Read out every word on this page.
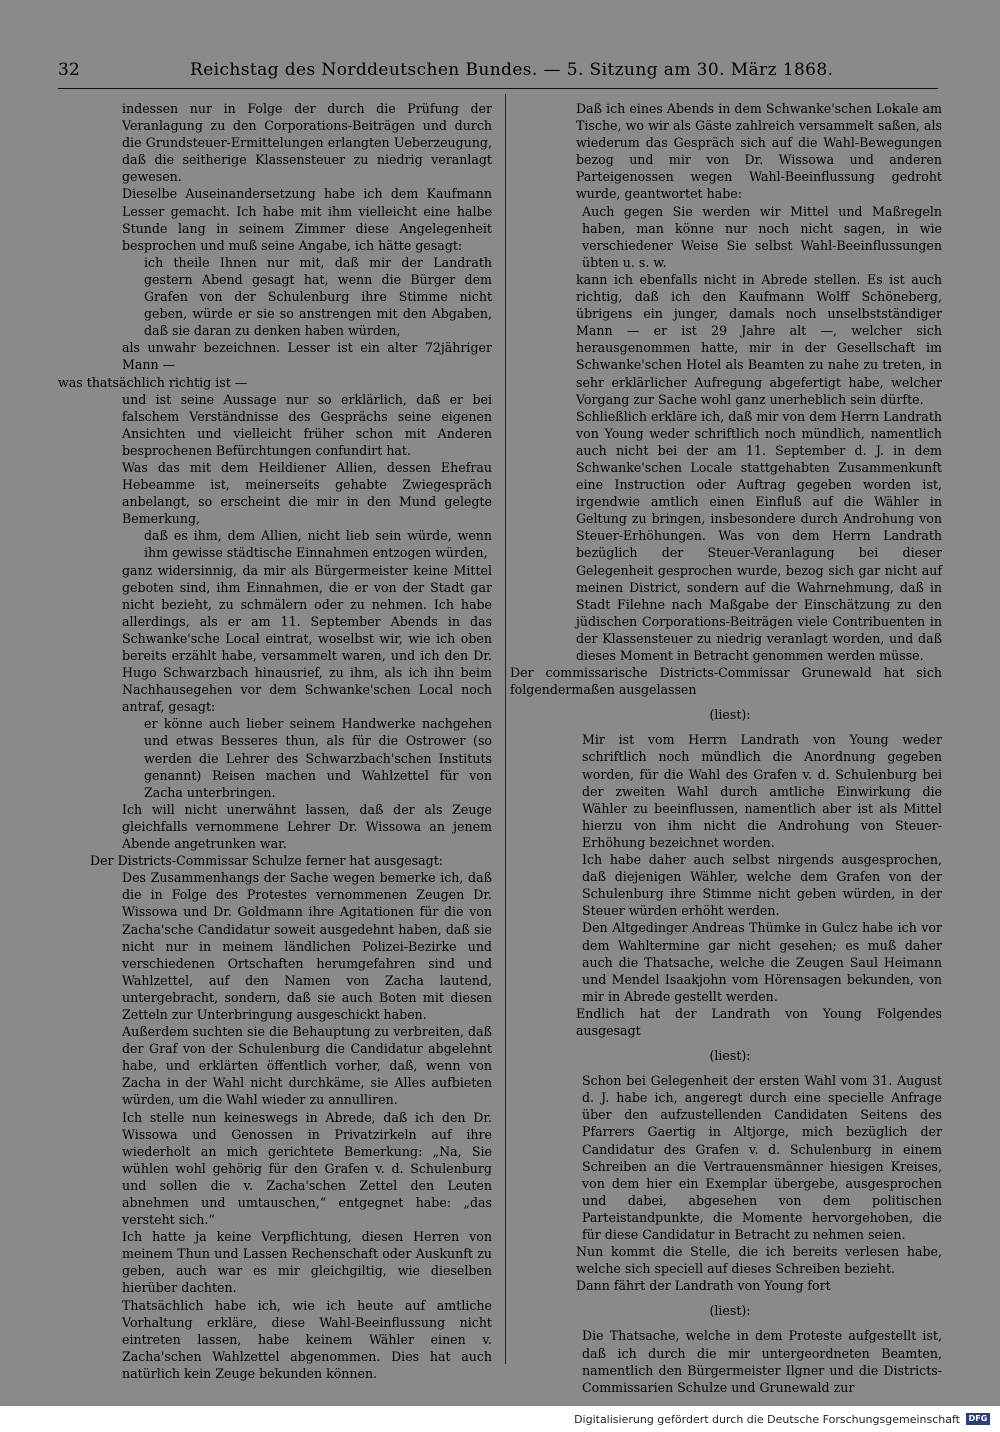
32	Reichstag des Norddeutschen Bundes. — 5. Sitzung am 30. März 1868.

indessen nur in Folge der durch die Prüfung der Veranlagung zu den Corporations-Beiträgen und durch die Grundsteuer-Ermittelungen erlangten Ueberzeugung, daß die seitherige Klassensteuer zu niedrig veranlagt gewesen.

Dieselbe Auseinandersetzung habe ich dem Kaufmann Lesser gemacht. Ich habe mit ihm vielleicht eine halbe Stunde lang in seinem Zimmer diese Angelegenheit besprochen und muß seine Angabe, ich hätte gesagt:

ich theile Ihnen nur mit, daß mir der Landrath gestern Abend gesagt hat, wenn die Bürger dem Grafen von der Schulenburg ihre Stimme nicht geben, würde er sie so anstrengen mit den Abgaben, daß sie daran zu denken haben würden,

als unwahr bezeichnen. Lesser ist ein alter 72jähriger Mann —

was thatsächlich richtig ist —

und ist seine Aussage nur so erklärlich, daß er bei falschem Verständnisse des Gesprächs seine eigenen Ansichten und vielleicht früher schon mit Anderen besprochenen Befürchtungen confundirt hat.

Was das mit dem Heildiener Allien, dessen Ehefrau Hebeamme ist, meinerseits gehabte Zwiegespräch anbelangt, so erscheint die mir in den Mund gelegte Bemerkung,

daß es ihm, dem Allien, nicht lieb sein würde, wenn ihm gewisse städtische Einnahmen entzogen würden,

ganz widersinnig, da mir als Bürgermeister keine Mittel geboten sind, ihm Einnahmen, die er von der Stadt gar nicht bezieht, zu schmälern oder zu nehmen. Ich habe allerdings, als er am 11. September Abends in das Schwanke'sche Local eintrat, woselbst wir, wie ich oben bereits erzählt habe, versammelt waren, und ich den Dr. Hugo Schwarzbach hinausrief, zu ihm, als ich ihn beim Nachhausegehen vor dem Schwanke'schen Local noch antraf, gesagt:

er könne auch lieber seinem Handwerke nachgehen und etwas Besseres thun, als für die Ostrower (so werden die Lehrer des Schwarzbach'schen Instituts genannt) Reisen machen und Wahlzettel für von Zacha unterbringen.

Ich will nicht unerwähnt lassen, daß der als Zeuge gleichfalls vernommene Lehrer Dr. Wissowa an jenem Abende angetrunken war.

Der Districts-Commissar Schulze ferner hat ausgesagt:

Des Zusammenhangs der Sache wegen bemerke ich, daß die in Folge des Protestes vernommenen Zeugen Dr. Wissowa und Dr. Goldmann ihre Agitationen für die von Zacha'sche Candidatur soweit ausgedehnt haben, daß sie nicht nur in meinem ländlichen Polizei-Bezirke und verschiedenen Ortschaften herumgefahren sind und Wahlzettel, auf den Namen von Zacha lautend, untergebracht, sondern, daß sie auch Boten mit diesen Zetteln zur Unterbringung ausgeschickt haben.

Außerdem suchten sie die Behauptung zu verbreiten, daß der Graf von der Schulenburg die Candidatur abgelehnt habe, und erklärten öffentlich vorher, daß, wenn von Zacha in der Wahl nicht durchkäme, sie Alles aufbieten würden, um die Wahl wieder zu annulliren.

Ich stelle nun keineswegs in Abrede, daß ich den Dr. Wissowa und Genossen in Privatzirkeln auf ihre wiederholt an mich gerichtete Bemerkung: „Na, Sie wühlen wohl gehörig für den Grafen v. d. Schulenburg und sollen die v. Zacha'schen Zettel den Leuten abnehmen und umtauschen,“ entgegnet habe: „das versteht sich.“

Ich hatte ja keine Verpflichtung, diesen Herren von meinem Thun und Lassen Rechenschaft oder Auskunft zu geben, auch war es mir gleichgiltig, wie dieselben hierüber dachten.

Thatsächlich habe ich, wie ich heute auf amtliche Vorhaltung erkläre, diese Wahl-Beeinflussung nicht eintreten lassen, habe keinem Wähler einen v. Zacha'schen Wahlzettel abgenommen. Dies hat auch natürlich kein Zeuge bekunden können.

Daß ich eines Abends in dem Schwanke'schen Lokale am Tische, wo wir als Gäste zahlreich versammelt saßen, als wiederum das Gespräch sich auf die Wahl-Bewegungen bezog und mir von Dr. Wissowa und anderen Parteigenossen wegen Wahl-Beeinflussung gedroht wurde, geantwortet habe:

Auch gegen Sie werden wir Mittel und Maßregeln haben, man könne nur noch nicht sagen, in wie verschiedener Weise Sie selbst Wahl-Beeinflussungen übten u. s. w.

kann ich ebenfalls nicht in Abrede stellen. Es ist auch richtig, daß ich den Kaufmann Wolff Schöneberg, übrigens ein junger, damals noch unselbstständiger Mann — er ist 29 Jahre alt —, welcher sich herausgenommen hatte, mir in der Gesellschaft im Schwanke'schen Hotel als Beamten zu nahe zu treten, in sehr erklärlicher Aufregung abgefertigt habe, welcher Vorgang zur Sache wohl ganz unerheblich sein dürfte.

Schließlich erkläre ich, daß mir von dem Herrn Landrath von Young weder schriftlich noch mündlich, namentlich auch nicht bei der am 11. September d. J. in dem Schwanke'schen Locale stattgehabten Zusammenkunft eine Instruction oder Auftrag gegeben worden ist, irgendwie amtlich einen Einfluß auf die Wähler in Geltung zu bringen, insbesondere durch Androhung von Steuer-Erhöhungen. Was von dem Herrn Landrath bezüglich der Steuer-Veranlagung bei dieser Gelegenheit gesprochen wurde, bezog sich gar nicht auf meinen District, sondern auf die Wahrnehmung, daß in Stadt Filehne nach Maßgabe der Einschätzung zu den jüdischen Corporations-Beiträgen viele Contribuenten in der Klassensteuer zu niedrig veranlagt worden, und daß dieses Moment in Betracht genommen werden müsse.

Der commissarische Districts-Commissar Grunewald hat sich folgendermaßen ausgelassen

(liest):

Mir ist vom Herrn Landrath von Young weder schriftlich noch mündlich die Anordnung gegeben worden, für die Wahl des Grafen v. d. Schulenburg bei der zweiten Wahl durch amtliche Einwirkung die Wähler zu beeinflussen, namentlich aber ist als Mittel hierzu von ihm nicht die Androhung von Steuer-Erhöhung bezeichnet worden.

Ich habe daher auch selbst nirgends ausgesprochen, daß diejenigen Wähler, welche dem Grafen von der Schulenburg ihre Stimme nicht geben würden, in der Steuer würden erhöht werden.

Den Altgedinger Andreas Thümke in Gulcz habe ich vor dem Wahltermine gar nicht gesehen; es muß daher auch die Thatsache, welche die Zeugen Saul Heimann und Mendel Isaakjohn vom Hörensagen bekunden, von mir in Abrede gestellt werden.

Endlich hat der Landrath von Young Folgendes ausgesagt

(liest):

Schon bei Gelegenheit der ersten Wahl vom 31. August d. J. habe ich, angeregt durch eine specielle Anfrage über den aufzustellenden Candidaten Seitens des Pfarrers Gaertig in Altjorge, mich bezüglich der Candidatur des Grafen v. d. Schulenburg in einem Schreiben an die Vertrauensmänner hiesigen Kreises, von dem hier ein Exemplar übergebe, ausgesprochen und dabei, abgesehen von dem politischen Parteistandpunkte, die Momente hervorgehoben, die für diese Candidatur in Betracht zu nehmen seien.

Nun kommt die Stelle, die ich bereits verlesen habe, welche sich speciell auf dieses Schreiben bezieht.

Dann fährt der Landrath von Young fort

(liest):

Die Thatsache, welche in dem Proteste aufgestellt ist, daß ich durch die mir untergeordneten Beamten, namentlich den Bürgermeister Ilgner und die Districts-Commissarien Schulze und Grunewald zur

Digitalisierung gefördert durch die Deutsche Forschungsgemeinschaft	DFG
